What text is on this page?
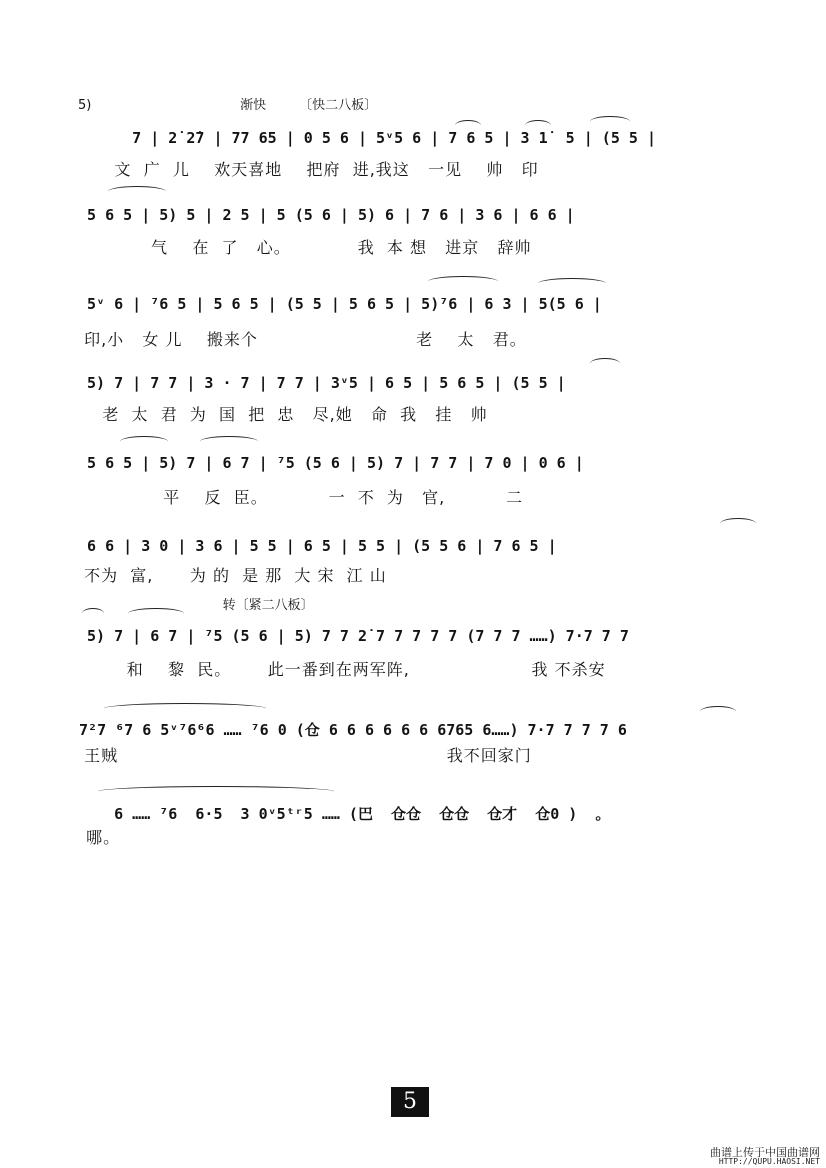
5)                                    渐快        〔快二八板〕
7 | 2̇ 2̇7 | 77 65 | 0 5 6 | 5ᵛ5 6 | 7 6 5 | 3 1̇  5 | (5 5 |
文  广  儿    欢天喜地    把府  进,我这   一见    帅   印
5 6 5 | 5) 5 | 2 5 | 5 (5 6 | 5) 6 | 7 6 | 3 6 | 6 6 |
气    在  了   心。           我  本 想   进京   辞帅
5ᵛ 6 | ⁷6 5 | 5 6 5 | (5 5 | 5 6 5 | 5)⁷6 | 6 3 | 5(5 6 |
印,小   女 儿    搬来个                          老    太   君。
5) 7 | 7 7 | 3 · 7 | 7 7 | 3ᵛ5 | 6 5 | 5 6 5 | (5 5 |
老  太  君  为  国  把  忠   尽,她   命  我   挂   帅
5 6 5 | 5) 7 | 6 7 | ⁷5 (5 6 | 5) 7 | 7 7 | 7 0 | 0 6 |
平    反  臣。          一  不  为   官,          二
6 6 | 3 0 | 3 6 | 5 5 | 6 5 | 5 5 | (5 5 6 | 7 6 5 |
不为  富,      为 的  是 那  大 宋  江 山
转〔紧二八板〕
5) 7 | 6 7 | ⁷5 (5 6 | 5) 7 7 2̇ 7 7 7 7 7 (7 7 7 ……) 7·7 7 7
和    黎  民。      此一番到在两军阵,                    我 不杀安
7²7 ⁶7 6 5ᵛ⁷6⁶6 …… ⁷6 0 (仓 6 6 6 6 6 6 6765 6……) 7·7 7 7 7 6
王贼                                                      我不回家门
6 …… ⁷6  6·5  3 0ᵛ5ᵗʳ5 …… (巴  仓仓  仓仓  仓才  仓0 )  。
哪。
5
曲谱上传于中国曲谱网
HTTP://QUPU.HAOSI.NET
